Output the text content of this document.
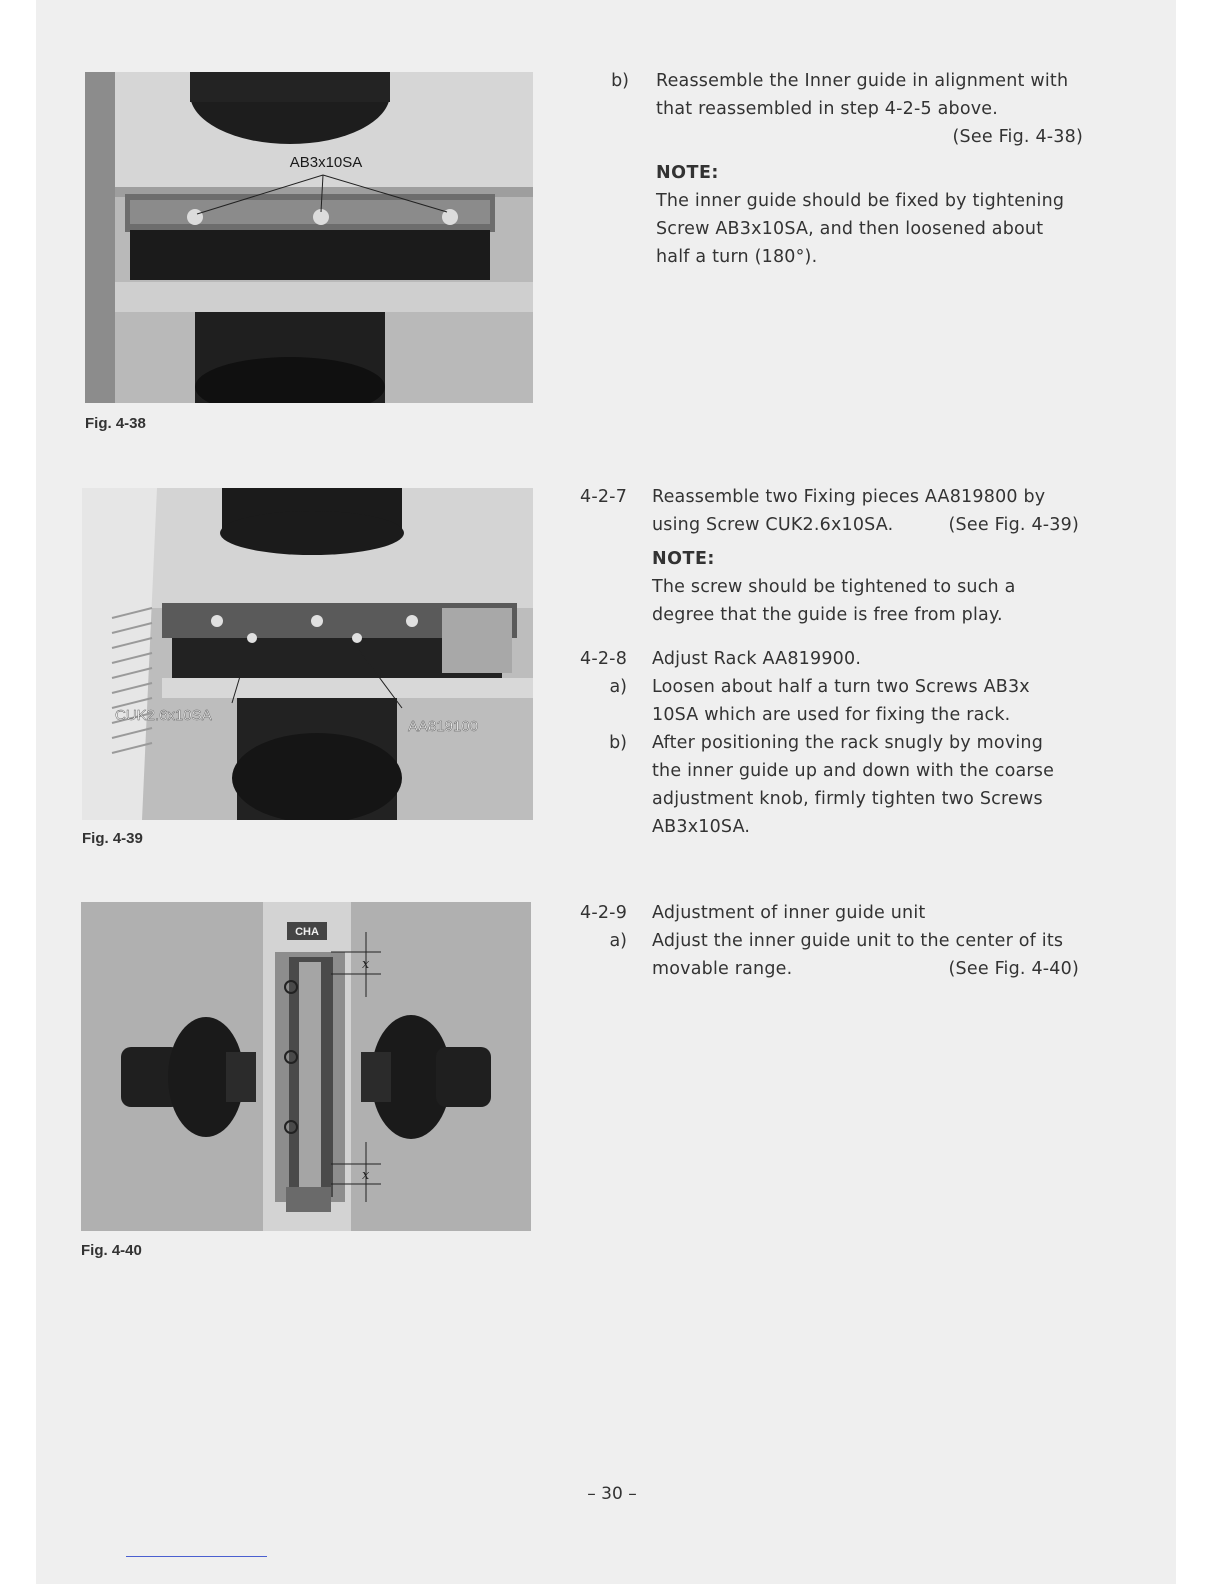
AB3x10SA
Fig. 4-38
CUK2.6x10SA
AA819100
Fig. 4-39
CHA
x
x
Fig. 4-40
b) Reassemble the Inner guide in alignment with
that reassembled in step 4-2-5 above.
(See Fig. 4-38)
NOTE:
The inner guide should be fixed by tightening
Screw AB3x10SA, and then loosened about
half a turn (180°).
4-2-7 Reassemble two Fixing pieces AA819800 by
using Screw CUK2.6x10SA.	(See Fig. 4-39)
NOTE:
The screw should be tightened to such a
degree that the guide is free from play.
4-2-8 Adjust Rack AA819900.
a) Loosen about half a turn two Screws AB3x
10SA which are used for fixing the rack.
b) After positioning the rack snugly by moving
the inner guide up and down with the coarse
adjustment knob, firmly tighten two Screws
AB3x10SA.
4-2-9 Adjustment of inner guide unit
a) Adjust the inner guide unit to the center of its
movable range.	(See Fig. 4-40)
– 30 –
